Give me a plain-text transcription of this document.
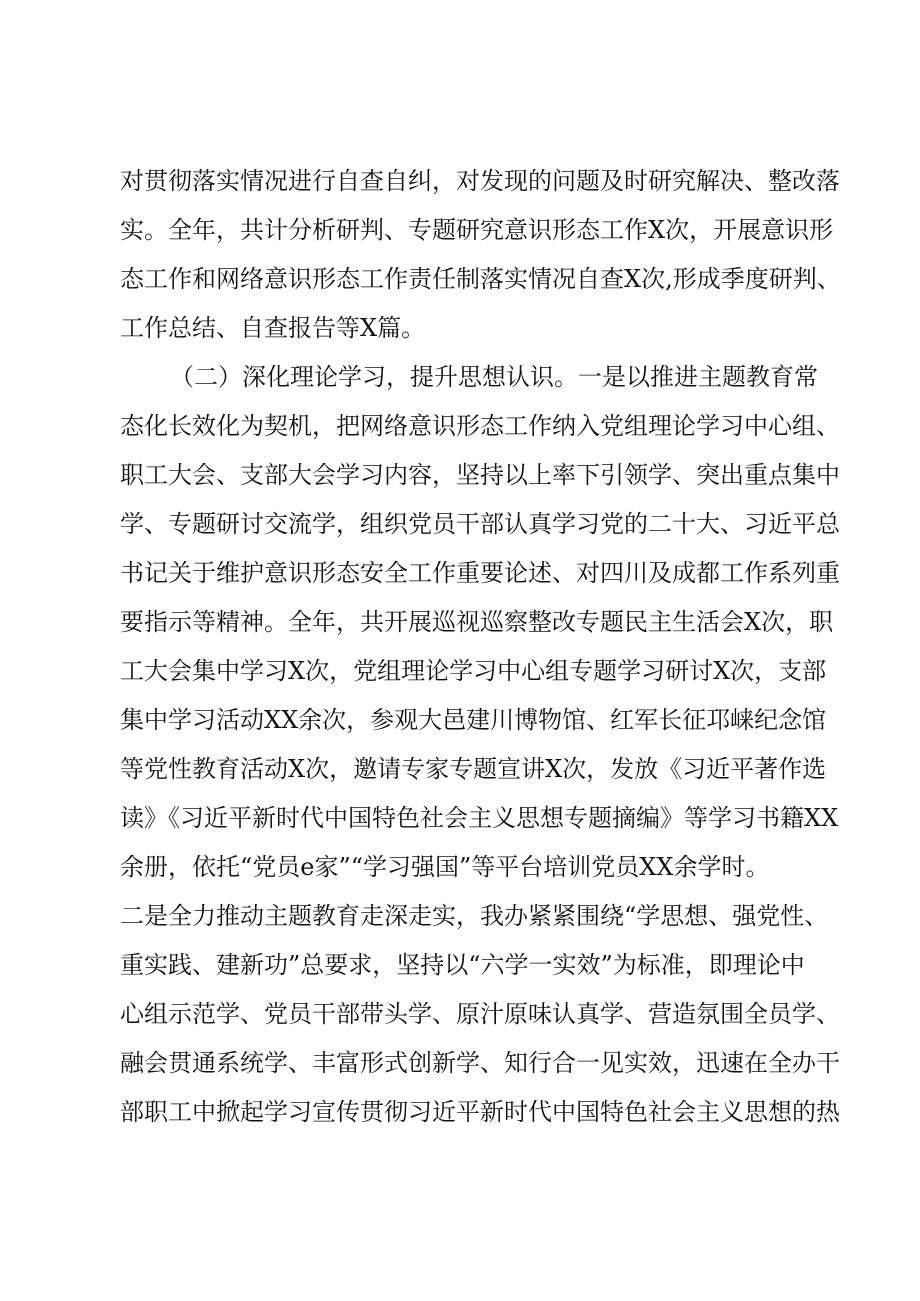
对贯彻落实情况进行自查自纠，对发现的问题及时研究解决、整改落

实。全年，共计分析研判、专题研究意识形态工作X次，开展意识形

态工作和网络意识形态工作责任制落实情况自查X次,形成季度研判、

工作总结、自查报告等X篇。

（二）深化理论学习，提升思想认识。一是以推进主题教育常

态化长效化为契机，把网络意识形态工作纳入党组理论学习中心组、

职工大会、支部大会学习内容，坚持以上率下引领学、突出重点集中

学、专题研讨交流学，组织党员干部认真学习党的二十大、习近平总

书记关于维护意识形态安全工作重要论述、对四川及成都工作系列重

要指示等精神。全年，共开展巡视巡察整改专题民主生活会X次，职

工大会集中学习X次，党组理论学习中心组专题学习研讨X次，支部

集中学习活动XX余次，参观大邑建川博物馆、红军长征邛崃纪念馆

等党性教育活动X次，邀请专家专题宣讲X次，发放《习近平著作选

读》《习近平新时代中国特色社会主义思想专题摘编》等学习书籍XX

余册，依托“党员e家”“学习强国”等平台培训党员XX余学时。

二是全力推动主题教育走深走实，我办紧紧围绕“学思想、强党性、

重实践、建新功”总要求，坚持以“六学一实效”为标准，即理论中

心组示范学、党员干部带头学、原汁原味认真学、营造氛围全员学、

融会贯通系统学、丰富形式创新学、知行合一见实效，迅速在全办干

部职工中掀起学习宣传贯彻习近平新时代中国特色社会主义思想的热
